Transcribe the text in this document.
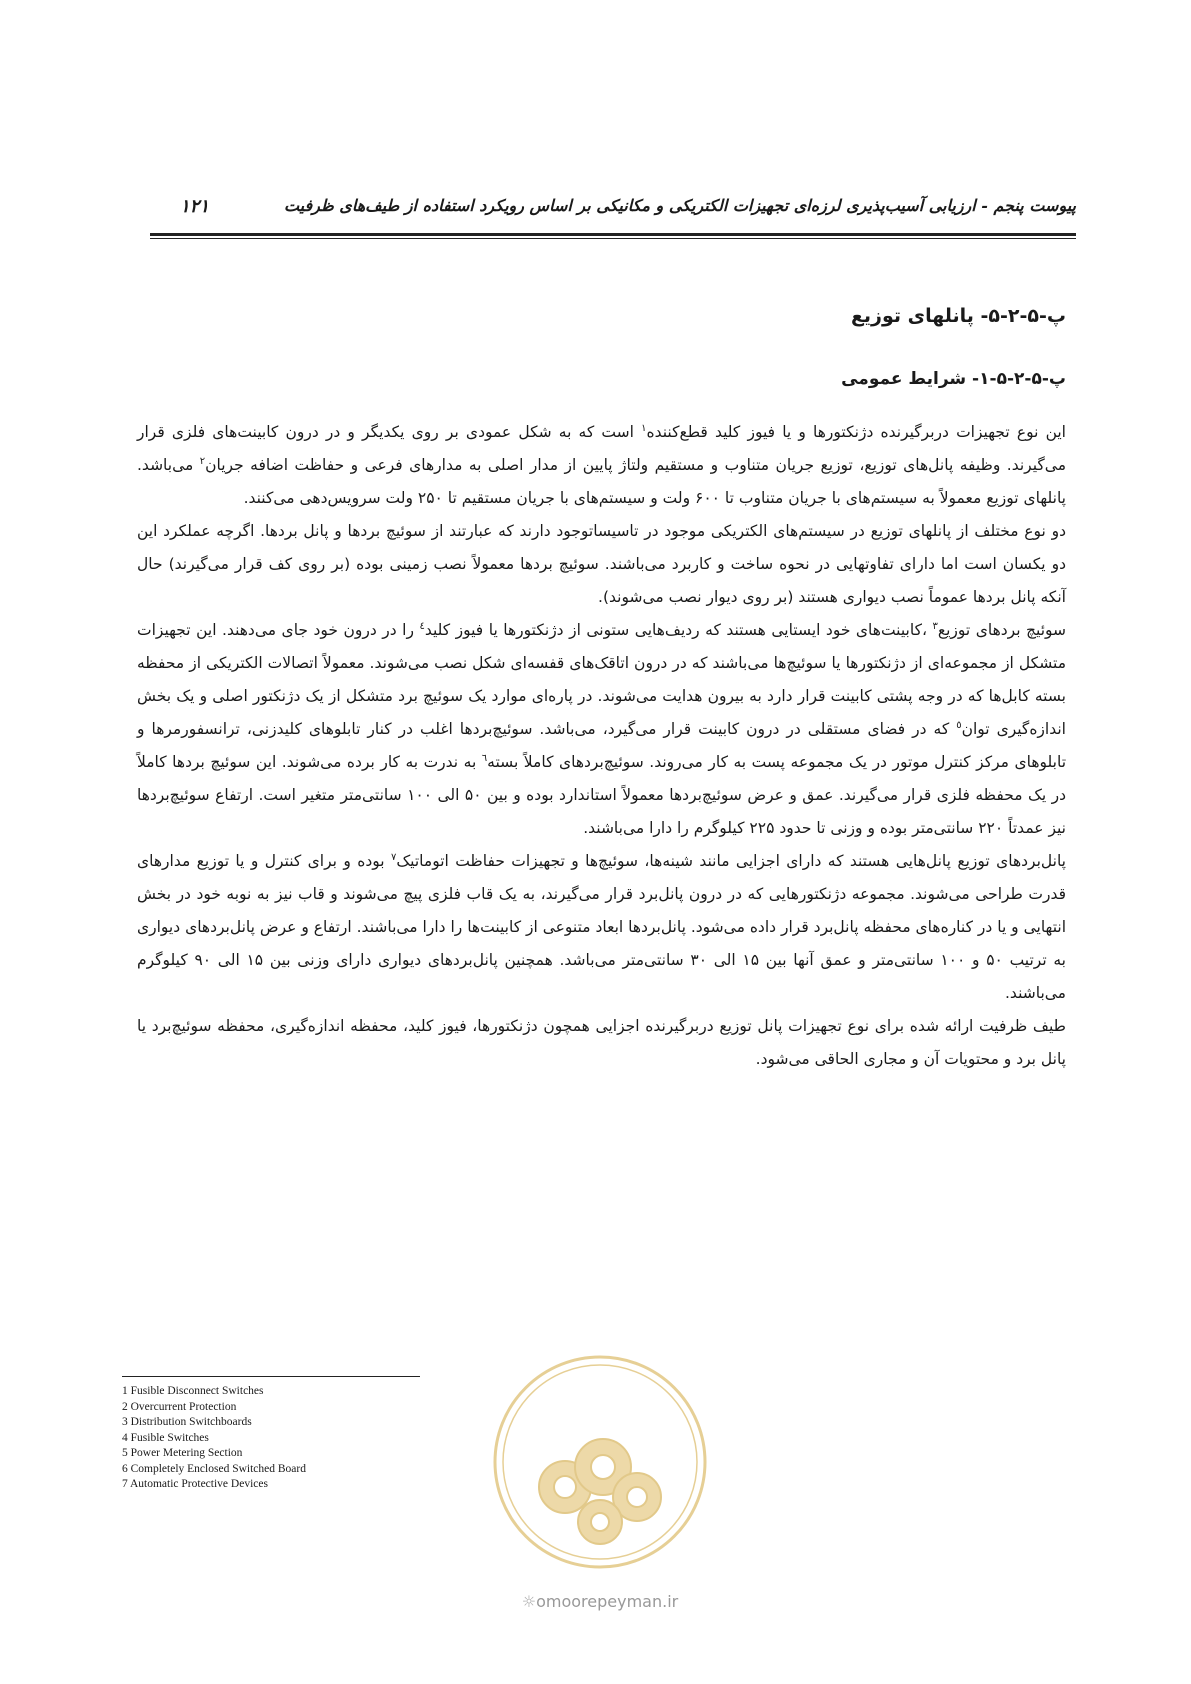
پیوست پنجم - ارزیابی آسیب‌پذیری لرزه‌ای تجهیزات الکتریکی و مکانیکی بر اساس رویکرد استفاده از طیف‌های ظرفیت
۱۲۱
پ-۵-۲-۵- پانلهای توزیع
پ-۵-۲-۵-۱- شرایط عمومی

این نوع تجهیزات دربرگیرنده دژنکتورها و یا فیوز کلید قطع‌کننده$^۱$ است که به شکل عمودی بر روی یکدیگر و در درون کابینت‌های فلزی قرار می‌گیرند. وظیفه پانل‌های توزیع، توزیع جریان متناوب و مستقیم ولتاژ پایین از مدار اصلی به مدارهای فرعی و حفاظت اضافه جریان$^۲$ می‌باشد. پانلهای توزیع معمولاً به سیستم‌های با جریان متناوب تا ۶۰۰ ولت و سیستم‌های با جریان مستقیم تا ۲۵۰ ولت سرویس‌دهی می‌کنند.

دو نوع مختلف از پانلهای توزیع در سیستم‌های الکتریکی موجود در تاسیساتوجود دارند که عبارتند از سوئیچ بردها و پانل بردها. اگرچه عملکرد این دو یکسان است اما دارای تفاوتهایی در نحوه ساخت و کاربرد می‌باشند. سوئیچ بردها معمولاً نصب زمینی بوده (بر روی کف قرار می‌گیرند) حال آنکه پانل بردها عموماً نصب دیواری هستند (بر روی دیوار نصب می‌شوند).

سوئیچ بردهای توزیع$^۳$ ،کابینت‌های خود ایستایی هستند که ردیف‌هایی ستونی از دژنکتورها یا فیوز کلید$^٤$ را در درون خود جای می‌دهند. این تجهیزات متشکل از مجموعه‌ای از دژنکتورها یا سوئیچ‌ها می‌باشند که در درون اتاقک‌های قفسه‌ای شکل نصب می‌شوند. معمولاً اتصالات الکتریکی از محفظه بسته کابل‌ها که در وجه پشتی کابینت قرار دارد به بیرون هدایت می‌شوند. در پاره‌ای موارد یک سوئیچ برد متشکل از یک دژنکتور اصلی و یک بخش اندازه‌گیری توان$^٥$ که در فضای مستقلی در درون کابینت قرار می‌گیرد، می‌باشد. سوئیچ‌بردها اغلب در کنار تابلوهای کلیدزنی، ترانسفورمرها و تابلوهای مرکز کنترل موتور در یک مجموعه پست به کار می‌روند. سوئیچ‌بردهای کاملاً بسته$^٦$ به ندرت به کار برده می‌شوند. این سوئیچ بردها کاملاً در یک محفظه فلزی قرار می‌گیرند. عمق و عرض سوئیچ‌بردها معمولاً استاندارد بوده و بین ۵۰ الی ۱۰۰ سانتی‌متر متغیر است. ارتفاع سوئیچ‌بردها نیز عمدتاً ۲۲۰ سانتی‌متر بوده و وزنی تا حدود ۲۲۵ کیلوگرم را دارا می‌باشند.

پانل‌بردهای توزیع پانل‌هایی هستند که دارای اجزایی مانند شینه‌ها، سوئیچ‌ها و تجهیزات حفاظت اتوماتیک$^۷$ بوده و برای کنترل و یا توزیع مدارهای قدرت طراحی می‌شوند. مجموعه دژنکتورهایی که در درون پانل‌برد قرار می‌گیرند، به یک قاب فلزی پیچ می‌شوند و قاب نیز به نوبه خود در بخش انتهایی و یا در کناره‌های محفظه پانل‌برد قرار داده می‌شود. پانل‌بردها ابعاد متنوعی از کابینت‌ها را دارا می‌باشند. ارتفاع و عرض پانل‌بردهای دیواری به ترتیب ۵۰ و ۱۰۰ سانتی‌متر و عمق آنها بین ۱۵ الی ۳۰ سانتی‌متر می‌باشد. همچنین پانل‌بردهای دیواری دارای وزنی بین ۱۵ الی ۹۰ کیلوگرم می‌باشند.

طیف ظرفیت ارائه شده برای نوع تجهیزات پانل توزیع دربرگیرنده اجزایی همچون دژنکتورها، فیوز کلید، محفظه اندازه‌گیری، محفظه سوئیچ‌برد یا پانل برد و محتویات آن و مجاری الحاقی می‌شود.

1 Fusible Disconnect Switches
2 Overcurrent Protection
3 Distribution Switchboards
4 Fusible Switches
5 Power Metering Section
6 Completely Enclosed Switched Board
7 Automatic Protective Devices
☼omoorepeyman.ir
